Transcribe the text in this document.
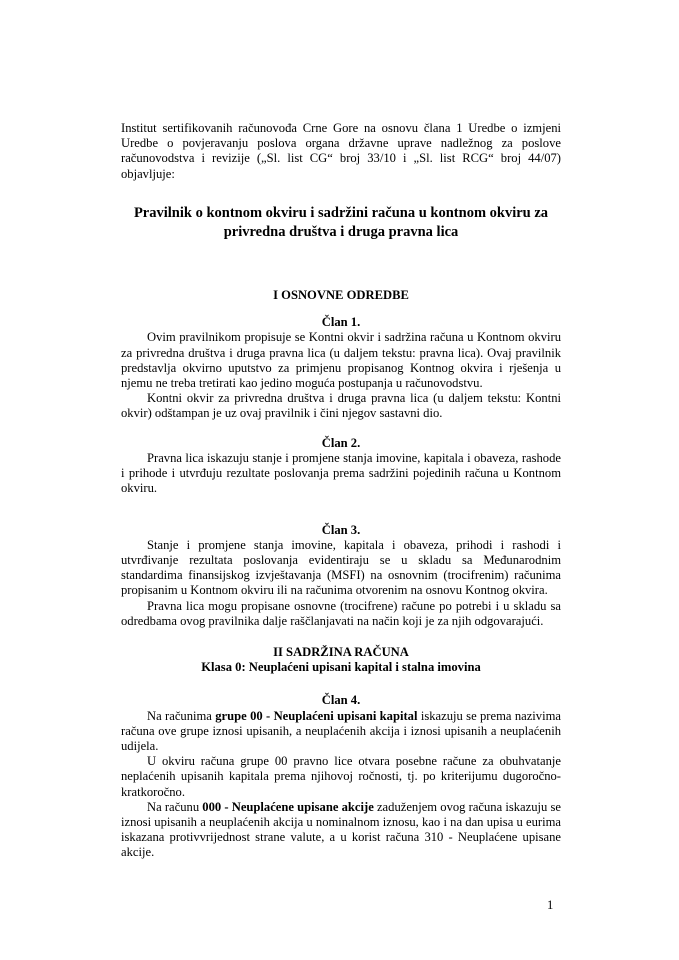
Institut sertifikovanih računovođa Crne Gore na osnovu člana 1 Uredbe o izmjeni Uredbe o povjeravanju poslova organa državne uprave nadležnog za poslove računovodstva i revizije („Sl. list CG“ broj 33/10 i „Sl. list RCG“ broj 44/07) objavljuje:

Pravilnik o kontnom okviru i sadržini računa u kontnom okviru za privredna društva i druga pravna lica
I OSNOVNE ODREDBE
Član 1.

Ovim pravilnikom propisuje se Kontni okvir i sadržina računa u Kontnom okviru za privredna društva i druga pravna lica (u daljem tekstu: pravna lica). Ovaj pravilnik predstavlja okvirno uputstvo za primjenu propisanog Kontnog okvira i rješenja u njemu ne treba tretirati kao jedino moguća postupanja u računovodstvu.

Kontni okvir za privredna društva i druga pravna lica (u daljem tekstu: Kontni okvir) odštampan je uz ovaj pravilnik i čini njegov sastavni dio.

Član 2.

Pravna lica iskazuju stanje i promjene stanja imovine, kapitala i obaveza, rashode i prihode i utvrđuju rezultate poslovanja prema sadržini pojedinih računa u Kontnom okviru.

Član 3.

Stanje i promjene stanja imovine, kapitala i obaveza, prihodi i rashodi i utvrđivanje rezultata poslovanja evidentiraju se u skladu sa Međunarodnim standardima finansijskog izvještavanja (MSFI) na osnovnim (trocifrenim) računima propisanim u Kontnom okviru ili na računima otvorenim na osnovu Kontnog okvira.

Pravna lica mogu propisane osnovne (trocifrene) račune po potrebi i u skladu sa odredbama ovog pravilnika dalje raščlanjavati na način koji je za njih odgovarajući.

II SADRŽINA RAČUNA
Klasa 0: Neuplaćeni upisani kapital i stalna imovina
Član 4.

Na računima grupe 00 - Neuplaćeni upisani kapital iskazuju se prema nazivima računa ove grupe iznosi upisanih, a neuplaćenih akcija i iznosi upisanih a neuplaćenih udijela.

U okviru računa grupe 00 pravno lice otvara posebne račune za obuhvatanje neplaćenih upisanih kapitala prema njihovoj ročnosti, tj. po kriterijumu dugoročno-kratkoročno.

Na računu 000 - Neuplaćene upisane akcije zaduženjem ovog računa iskazuju se iznosi upisanih a neuplaćenih akcija u nominalnom iznosu, kao i na dan upisa u eurima iskazana protivvrijednost strane valute, a u korist računa 310 - Neuplaćene upisane akcije.

1
